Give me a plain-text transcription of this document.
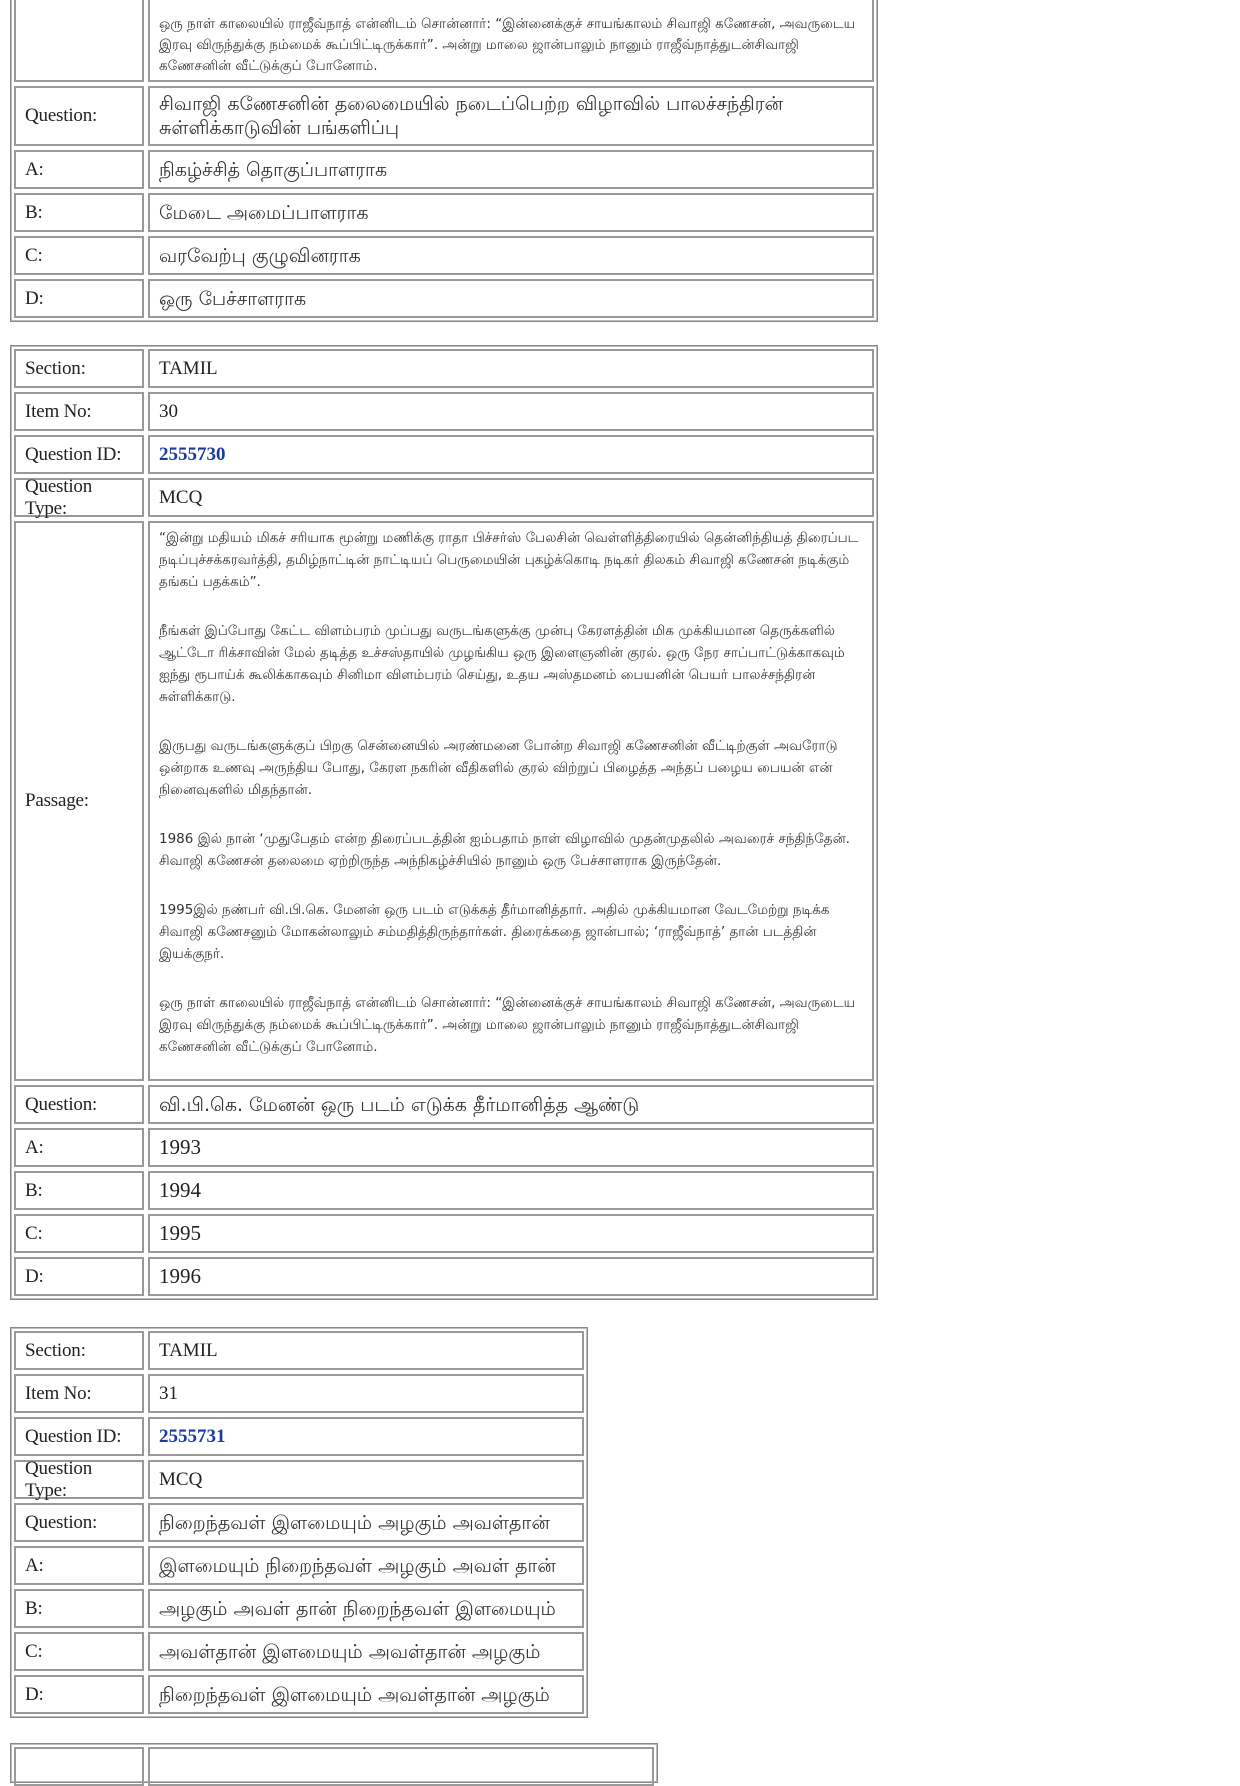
ஒரு நாள் காலையில் ராஜீவ்நாத் என்னிடம் சொன்னார்: “இன்னைக்குச் சாயங்காலம் சிவாஜி கணேசன், அவருடைய இரவு விருந்துக்கு நம்மைக் கூப்பிட்டிருக்கார்”. அன்று மாலை ஜான்பாலும் நானும் ராஜீவ்நாத்துடன்சிவாஜி கணேசனின் வீட்டுக்குப் போனோம்.
Question:
சிவாஜி கணேசனின் தலைமையில் நடைப்பெற்ற விழாவில் பாலச்சந்திரன் சுள்ளிக்காடுவின் பங்களிப்பு
A:	நிகழ்ச்சித் தொகுப்பாளராக
B:	மேடை அமைப்பாளராக
C:	வரவேற்பு குழுவினராக
D:	ஒரு பேச்சாளராக
Section:	TAMIL
Item No:	30
Question ID:	2555730
Question Type:
MCQ
Passage:

“இன்று மதியம் மிகச் சரியாக மூன்று மணிக்கு ராதா பிச்சர்ஸ் பேலசின் வெள்ளித்திரையில் தென்னிந்தியத் திரைப்பட நடிப்புச்சக்கரவர்த்தி, தமிழ்நாட்டின் நாட்டியப் பெருமையின் புகழ்க்கொடி நடிகர் திலகம் சிவாஜி கணேசன் நடிக்கும் தங்கப் பதக்கம்”.

நீங்கள் இப்போது கேட்ட விளம்பரம் முப்பது வருடங்களுக்கு முன்பு கேரளத்தின் மிக முக்கியமான தெருக்களில் ஆட்டோ ரிக்சாவின் மேல் தடித்த உச்சஸ்தாயில் முழங்கிய ஒரு இளைஞனின் குரல். ஒரு நேர சாப்பாட்டுக்காகவும் ஐந்து ரூபாய்க் கூலிக்காகவும் சினிமா விளம்பரம் செய்து, உதய அஸ்தமனம் பையனின் பெயர் பாலச்சந்திரன் சுள்ளிக்காடு.

இருபது வருடங்களுக்குப் பிறகு சென்னையில் அரண்மனை போன்ற சிவாஜி கணேசனின் வீட்டிற்குள் அவரோடு ஒன்றாக உணவு அருந்திய போது, கேரள நகரின் வீதிகளில் குரல் விற்றுப் பிழைத்த அந்தப் பழைய பையன் என் நினைவுகளில் மிதந்தான்.

1986 இல் நான் ‘முதுபேதம் என்ற திரைப்படத்தின் ஐம்பதாம் நாள் விழாவில் முதன்முதலில் அவரைச் சந்திந்தேன். சிவாஜி கணேசன் தலைமை ஏற்றிருந்த அந்நிகழ்ச்சியில் நானும் ஒரு பேச்சாளராக இருந்தேன்.

1995இல் நண்பர் வி.பி.கெ. மேனன் ஒரு படம் எடுக்கத் தீர்மானித்தார். அதில் முக்கியமான வேடமேற்று நடிக்க சிவாஜி கணேசனும் மோகன்லாலும் சம்மதித்திருந்தார்கள். திரைக்கதை ஜான்பால்; ‘ராஜீவ்நாத்’ தான் படத்தின் இயக்குநர்.

ஒரு நாள் காலையில் ராஜீவ்நாத் என்னிடம் சொன்னார்: “இன்னைக்குச் சாயங்காலம் சிவாஜி கணேசன், அவருடைய இரவு விருந்துக்கு நம்மைக் கூப்பிட்டிருக்கார்”. அன்று மாலை ஜான்பாலும் நானும் ராஜீவ்நாத்துடன்சிவாஜி கணேசனின் வீட்டுக்குப் போனோம்.

Question:	வி.பி.கெ. மேனன் ஒரு படம் எடுக்க தீர்மானித்த ஆண்டு
A:	1993
B:	1994
C:	1995
D:	1996
Section:	TAMIL
Item No:	31
Question ID:	2555731
Question Type:
MCQ
Question:	நிறைந்தவள் இளமையும் அழகும் அவள்தான்
A:	இளமையும் நிறைந்தவள் அழகும் அவள் தான்
B:	அழகும் அவள் தான் நிறைந்தவள் இளமையும்
C:	அவள்தான் இளமையும் அவள்தான் அழகும்
D:	நிறைந்தவள் இளமையும் அவள்தான் அழகும்
